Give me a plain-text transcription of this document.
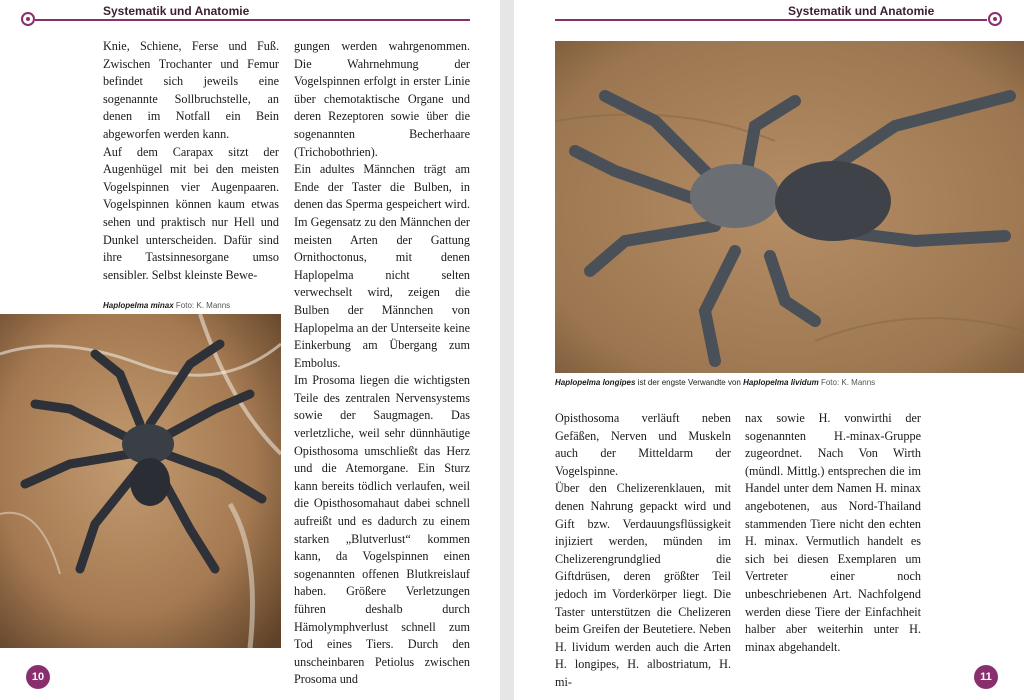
Systematik und Anatomie

Knie, Schiene, Ferse und Fuß. Zwischen Trochanter und Femur befindet sich jeweils eine sogenannte Sollbruchstelle, an denen im Notfall ein Bein abgeworfen werden kann.

Auf dem Carapax sitzt der Augenhügel mit bei den meisten Vogelspinnen vier Augenpaaren. Vogelspinnen können kaum etwas sehen und praktisch nur Hell und Dunkel unterscheiden. Dafür sind ihre Tastsinnesorgane umso sensibler. Selbst kleinste Bewe-

Haplopelma minax Foto: K. Manns

gungen werden wahrgenommen. Die Wahrnehmung der Vogelspinnen erfolgt in erster Linie über chemotaktische Organe und deren Rezeptoren sowie über die sogenannten Becherhaare (Trichobothrien).

Ein adultes Männchen trägt am Ende der Taster die Bulben, in denen das Sperma gespeichert wird. Im Gegensatz zu den Männchen der meisten Arten der Gattung Ornithoctonus, mit denen Haplopelma nicht selten verwechselt wird, zeigen die Bulben der Männchen von Haplopelma an der Unterseite keine Einkerbung am Übergang zum Embolus.

Im Prosoma liegen die wichtigsten Teile des zentralen Nervensystems sowie der Saugmagen. Das verletzliche, weil sehr dünnhäutige Opisthosoma umschließt das Herz und die Atemorgane. Ein Sturz kann bereits tödlich verlaufen, weil die Opisthosomahaut dabei schnell aufreißt und es dadurch zu einem starken „Blutverlust“ kommen kann, da Vogelspinnen einen sogenannten offenen Blutkreislauf haben. Größere Verletzungen führen deshalb durch Hämolymphverlust schnell zum Tod eines Tiers. Durch den unscheinbaren Petiolus zwischen Prosoma und

10
Systematik und Anatomie
Haplopelma longipes ist der engste Verwandte von Haplopelma lividum Foto: K. Manns

Opisthosoma verläuft neben Gefäßen, Nerven und Muskeln auch der Mitteldarm der Vogelspinne.

Über den Chelizerenklauen, mit denen Nahrung gepackt wird und Gift bzw. Verdauungsflüssigkeit injiziert werden, münden im Chelizerengrundglied die Giftdrüsen, deren größter Teil jedoch im Vorderkörper liegt. Die Taster unterstützen die Chelizeren beim Greifen der Beutetiere. Neben H. lividum werden auch die Arten H. longipes, H. albostriatum, H. mi-

nax sowie H. vonwirthi der sogenannten H.-minax-Gruppe zugeordnet. Nach Von Wirth (mündl. Mittlg.) entsprechen die im Handel unter dem Namen H. minax angebotenen, aus Nord-Thailand stammenden Tiere nicht den echten H. minax. Vermutlich handelt es sich bei diesen Exemplaren um Vertreter einer noch unbeschriebenen Art. Nachfolgend werden diese Tiere der Einfachheit halber aber weiterhin unter H. minax abgehandelt.

11
